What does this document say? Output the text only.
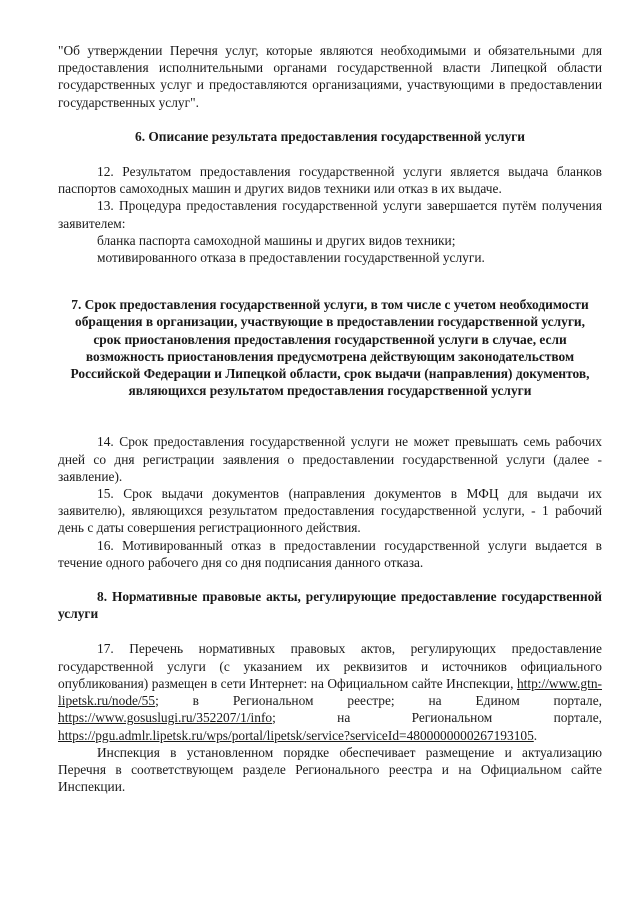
"Об утверждении Перечня услуг, которые являются необходимыми и обязательными для предоставления исполнительными органами государственной власти Липецкой области государственных услуг и предоставляются организациями, участвующими в предоставлении государственных услуг".

6. Описание результата предоставления государственной услуги

12. Результатом предоставления государственной услуги является выдача бланков паспортов самоходных машин и других видов техники или отказ в их выдаче.

13. Процедура предоставления государственной услуги завершается путём получения заявителем:

бланка паспорта самоходной машины и других видов техники;

мотивированного отказа в предоставлении государственной услуги.

7. Срок предоставления государственной услуги, в том числе с учетом необходимости обращения в организации, участвующие в предоставлении государственной услуги, срок приостановления предоставления государственной услуги в случае, если возможность приостановления предусмотрена действующим законодательством Российской Федерации и Липецкой области, срок выдачи (направления) документов, являющихся результатом предоставления государственной услуги

14. Срок предоставления государственной услуги не может превышать семь рабочих дней со дня регистрации заявления о предоставлении государственной услуги (далее - заявление).

15. Срок выдачи документов (направления документов в МФЦ для выдачи их заявителю), являющихся результатом предоставления государственной услуги, - 1 рабочий день с даты совершения регистрационного действия.

16. Мотивированный отказ в предоставлении государственной услуги выдается в течение одного рабочего дня со дня подписания данного отказа.

8. Нормативные правовые акты, регулирующие предоставление государственной услуги

17. Перечень нормативных правовых актов, регулирующих предоставление государственной услуги (с указанием их реквизитов и источников официального опубликования) размещен в сети Интернет: на Официальном сайте Инспекции, http://www.gtn-lipetsk.ru/node/55; в Региональном реестре; на Едином портале, https://www.gosuslugi.ru/352207/1/info; на Региональном портале, https://pgu.admlr.lipetsk.ru/wps/portal/lipetsk/service?serviceId=4800000000267193105.

Инспекция в установленном порядке обеспечивает размещение и актуализацию Перечня в соответствующем разделе Регионального реестра и на Официальном сайте Инспекции.
